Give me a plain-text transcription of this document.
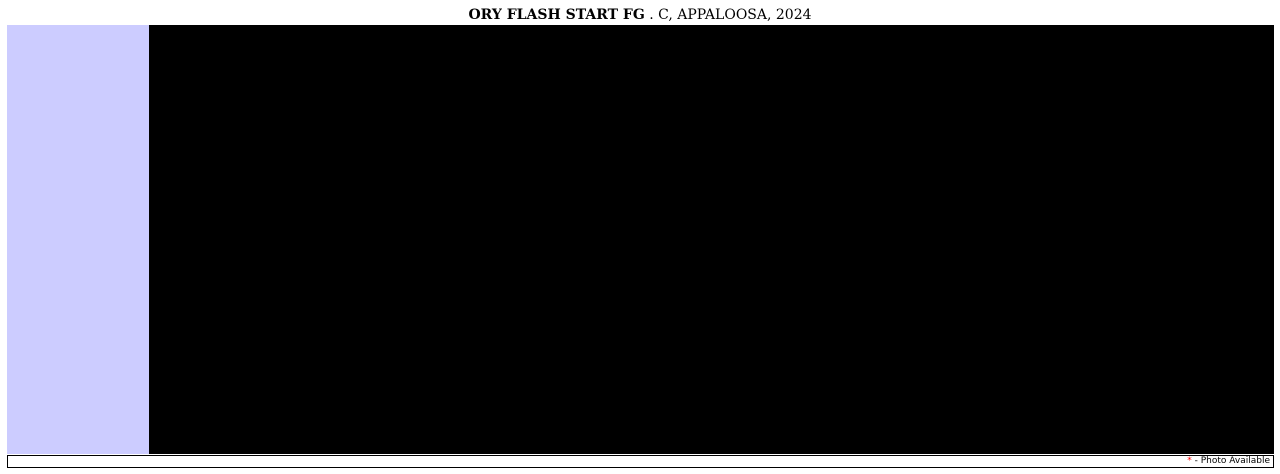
ORY FLASH START FG . C, APPALOOSA, 2024
* - Photo Available
